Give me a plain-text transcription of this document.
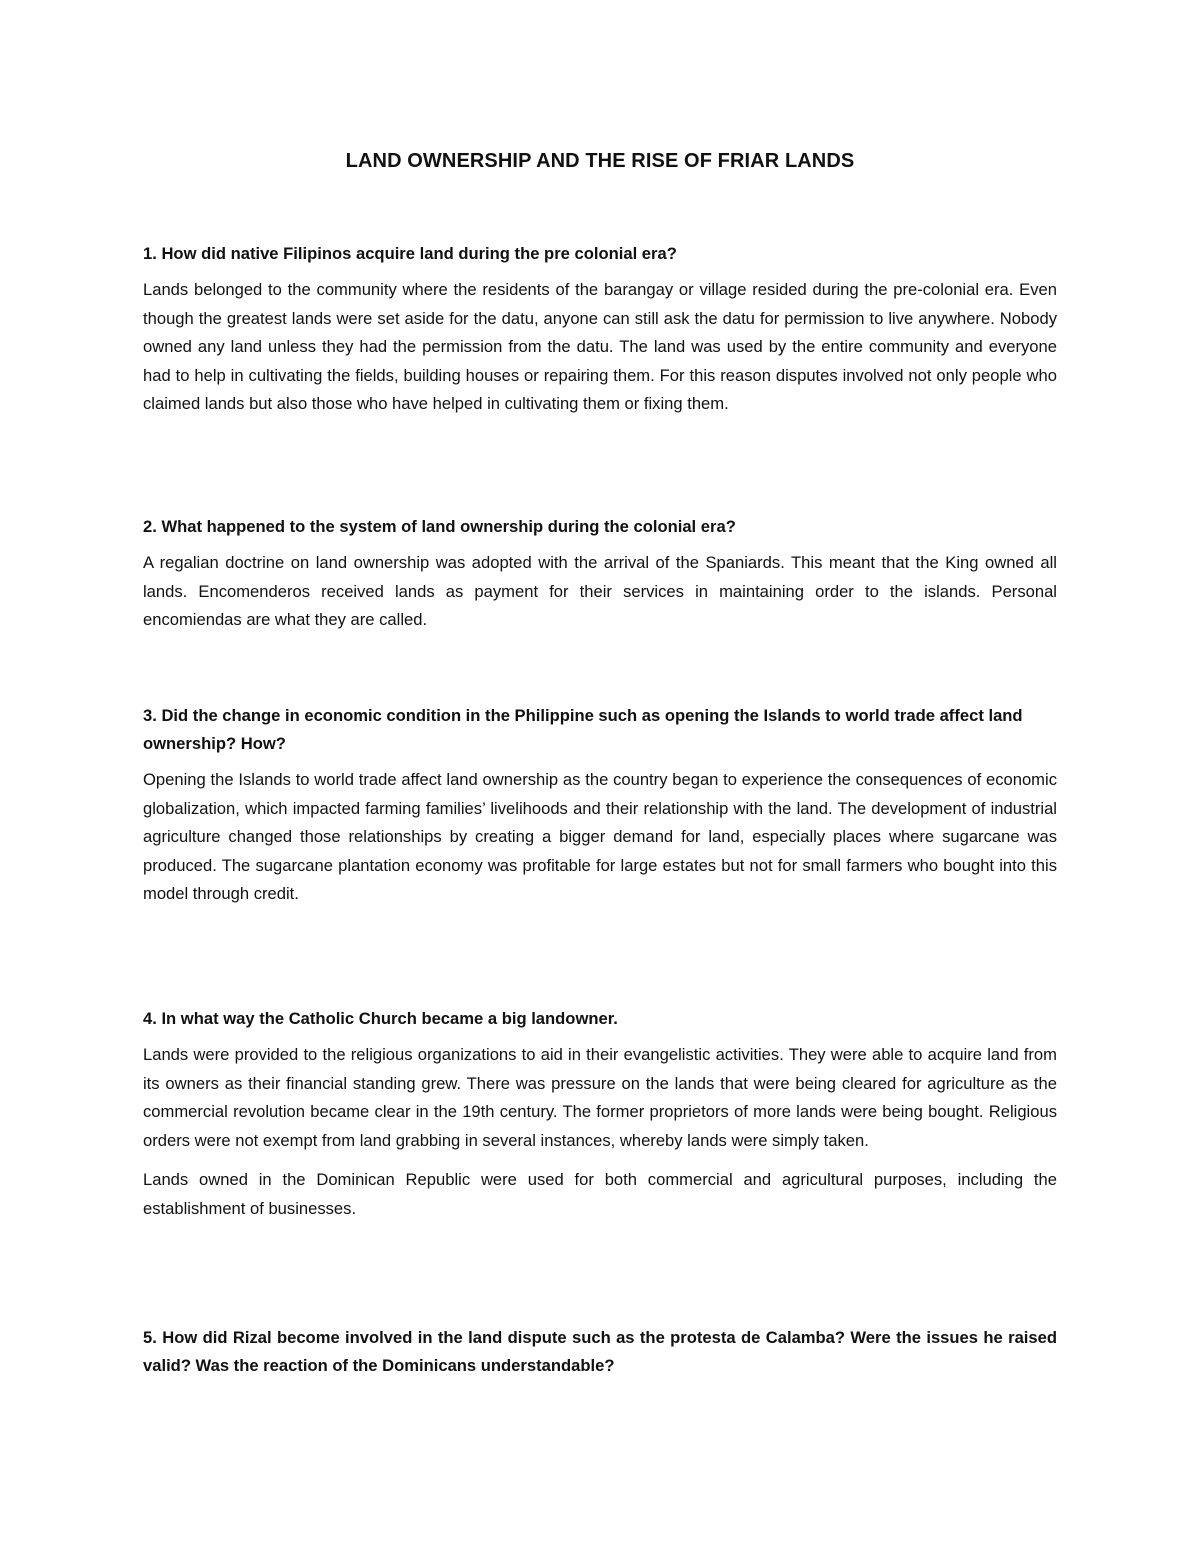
LAND OWNERSHIP AND THE RISE OF FRIAR LANDS

1. How did native Filipinos acquire land during the pre colonial era?

Lands belonged to the community where the residents of the barangay or village resided during the pre-colonial era. Even though the greatest lands were set aside for the datu, anyone can still ask the datu for permission to live anywhere. Nobody owned any land unless they had the permission from the datu. The land was used by the entire community and everyone had to help in cultivating the fields, building houses or repairing them. For this reason disputes involved not only people who claimed lands but also those who have helped in cultivating them or fixing them.

2. What happened to the system of land ownership during the colonial era?

A regalian doctrine on land ownership was adopted with the arrival of the Spaniards. This meant that the King owned all lands. Encomenderos received lands as payment for their services in maintaining order to the islands. Personal encomiendas are what they are called.

3. Did the change in economic condition in the Philippine such as opening the Islands to world trade affect land ownership? How?

Opening the Islands to world trade affect land ownership as the country began to experience the consequences of economic globalization, which impacted farming families’ livelihoods and their relationship with the land. The development of industrial agriculture changed those relationships by creating a bigger demand for land, especially places where sugarcane was produced. The sugarcane plantation economy was profitable for large estates but not for small farmers who bought into this model through credit.

4. In what way the Catholic Church became a big landowner.

Lands were provided to the religious organizations to aid in their evangelistic activities. They were able to acquire land from its owners as their financial standing grew. There was pressure on the lands that were being cleared for agriculture as the commercial revolution became clear in the 19th century. The former proprietors of more lands were being bought. Religious orders were not exempt from land grabbing in several instances, whereby lands were simply taken.

Lands owned in the Dominican Republic were used for both commercial and agricultural purposes, including the establishment of businesses.

5. How did Rizal become involved in the land dispute such as the protesta de Calamba? Were the issues he raised valid? Was the reaction of the Dominicans understandable?
